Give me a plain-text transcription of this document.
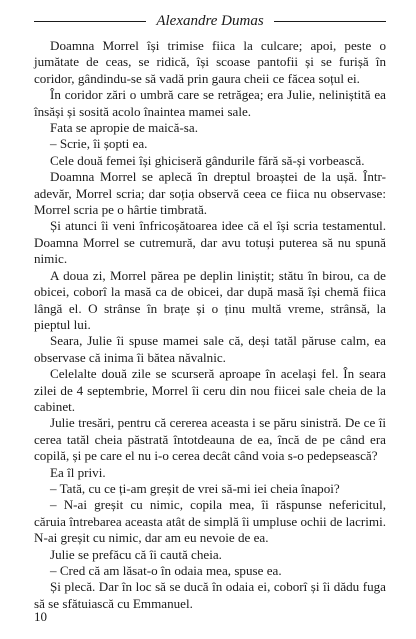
Alexandre Dumas

Doamna Morrel își trimise fiica la culcare; apoi, peste o jumătate de ceas, se ridică, își scoase pantofii și se furișă în coridor, gândindu-se să vadă prin gaura cheii ce făcea soțul ei.

În coridor zări o umbră care se retrăgea; era Julie, neliniștită ea însăși și sosită acolo înaintea mamei sale.

Fata se apropie de maică-sa.

– Scrie, îi șopti ea.

Cele două femei își ghiciseră gândurile fără să-și vorbească.

Doamna Morrel se aplecă în dreptul broaștei de la ușă. Într-adevăr, Morrel scria; dar soția observă ceea ce fiica nu observase: Morrel scria pe o hârtie timbrată.

Și atunci îi veni înfricoșătoarea idee că el își scria testamentul. Doamna Morrel se cutremură, dar avu totuși puterea să nu spună nimic.

A doua zi, Morrel părea pe deplin liniștit; stătu în birou, ca de obicei, coborî la masă ca de obicei, dar după masă își chemă fiica lângă el. O strânse în brațe și o ținu multă vreme, strânsă, la pieptul lui.

Seara, Julie îi spuse mamei sale că, deși tatăl păruse calm, ea observase că inima îi bătea năvalnic.

Celelalte două zile se scurseră aproape în același fel. În seara zilei de 4 septembrie, Morrel îi ceru din nou fiicei sale cheia de la cabinet.

Julie tresări, pentru că cererea aceasta i se păru sinistră. De ce îi cerea tatăl cheia păstrată întotdeauna de ea, încă de pe când era copilă, și pe care el nu i-o cerea decât când voia s-o pedepsească?

Ea îl privi.

– Tată, cu ce ți-am greșit de vrei să-mi iei cheia înapoi?

– N-ai greșit cu nimic, copila mea, îi răspunse nefericitul, căruia întrebarea aceasta atât de simplă îi umpluse ochii de lacrimi. N-ai greșit cu nimic, dar am eu nevoie de ea.

Julie se prefăcu că îi caută cheia.

– Cred că am lăsat-o în odaia mea, spuse ea.

Și plecă. Dar în loc să se ducă în odaia ei, coborî și îi dădu fuga să se sfătuiască cu Emmanuel.

10
